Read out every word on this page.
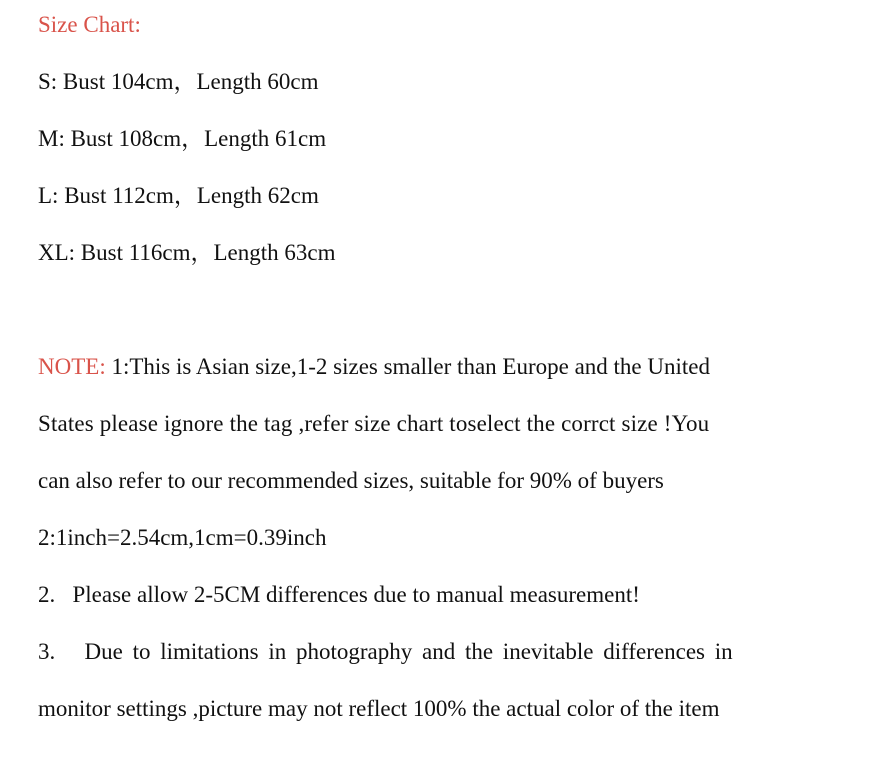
Size Chart:
S: Bust 104cm，Length 60cm
M: Bust 108cm，Length 61cm
L: Bust 112cm，Length 62cm
XL: Bust 116cm，Length 63cm
NOTE: 1:This is Asian size,1-2 sizes smaller than Europe and the United
States please ignore the tag ,refer size chart toselect the corrct size !You
can also refer to our recommended sizes, suitable for 90% of buyers
2:1inch=2.54cm,1cm=0.39inch
2.   Please allow 2-5CM differences due to manual measurement!
3.   Due to limitations in photography and the inevitable differences in
monitor settings ,picture may not reflect 100% the actual color of the item
